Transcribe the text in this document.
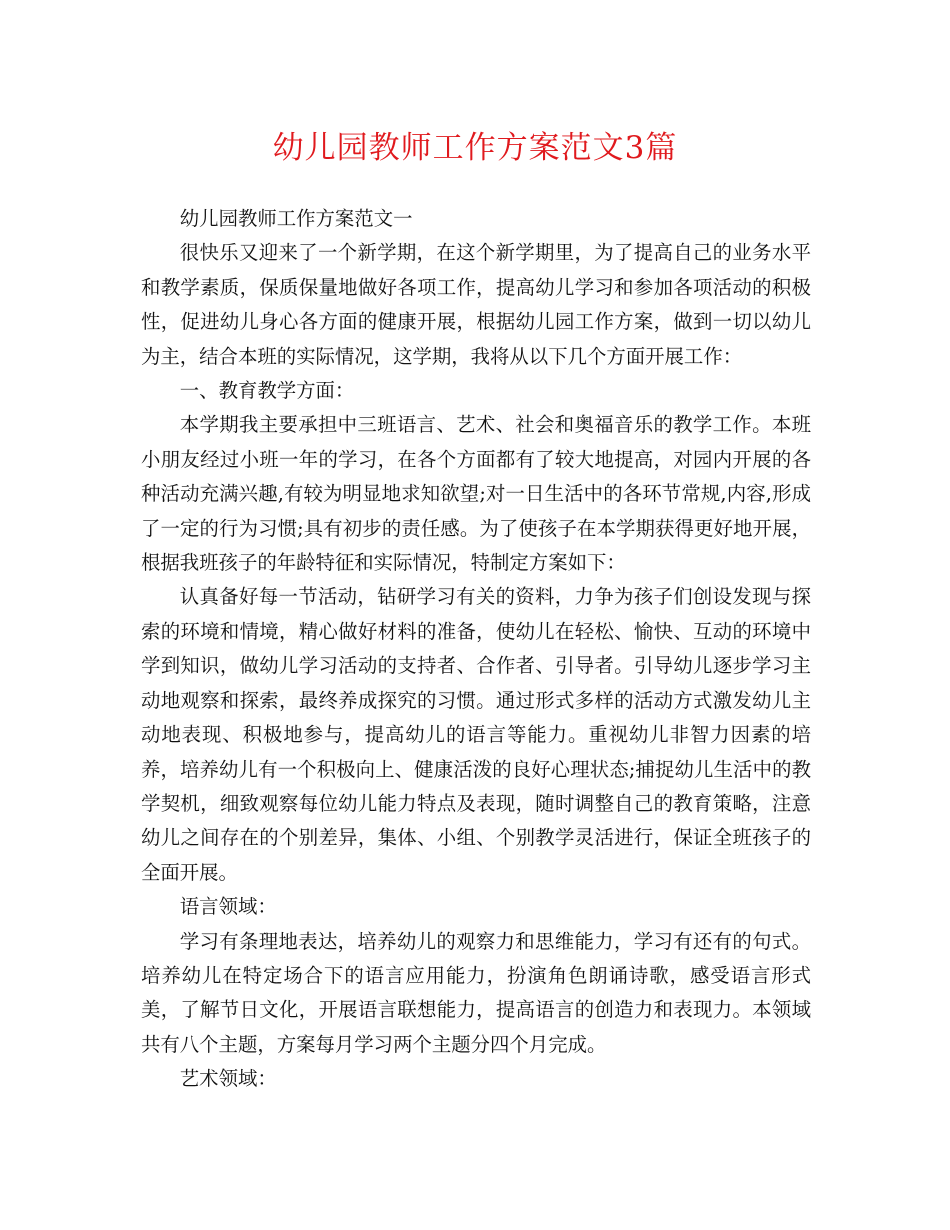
幼儿园教师工作方案范文3篇

幼儿园教师工作方案范文一

很快乐又迎来了一个新学期，在这个新学期里，为了提高自己的业务水平和教学素质，保质保量地做好各项工作，提高幼儿学习和参加各项活动的积极性，促进幼儿身心各方面的健康开展，根据幼儿园工作方案，做到一切以幼儿为主，结合本班的实际情况，这学期，我将从以下几个方面开展工作：

一、教育教学方面：

本学期我主要承担中三班语言、艺术、社会和奥福音乐的教学工作。本班小朋友经过小班一年的学习，在各个方面都有了较大地提高，对园内开展的各种活动充满兴趣,有较为明显地求知欲望;对一日生活中的各环节常规,内容,形成了一定的行为习惯;具有初步的责任感。为了使孩子在本学期获得更好地开展，根据我班孩子的年龄特征和实际情况，特制定方案如下：

认真备好每一节活动，钻研学习有关的资料，力争为孩子们创设发现与探索的环境和情境，精心做好材料的准备，使幼儿在轻松、愉快、互动的环境中学到知识，做幼儿学习活动的支持者、合作者、引导者。引导幼儿逐步学习主动地观察和探索，最终养成探究的习惯。通过形式多样的活动方式激发幼儿主动地表现、积极地参与，提高幼儿的语言等能力。重视幼儿非智力因素的培养，培养幼儿有一个积极向上、健康活泼的良好心理状态;捕捉幼儿生活中的教学契机，细致观察每位幼儿能力特点及表现，随时调整自己的教育策略，注意幼儿之间存在的个别差异，集体、小组、个别教学灵活进行，保证全班孩子的全面开展。

语言领域：

学习有条理地表达，培养幼儿的观察力和思维能力，学习有还有的句式。培养幼儿在特定场合下的语言应用能力，扮演角色朗诵诗歌，感受语言形式美，了解节日文化，开展语言联想能力，提高语言的创造力和表现力。本领域共有八个主题，方案每月学习两个主题分四个月完成。

艺术领域：
